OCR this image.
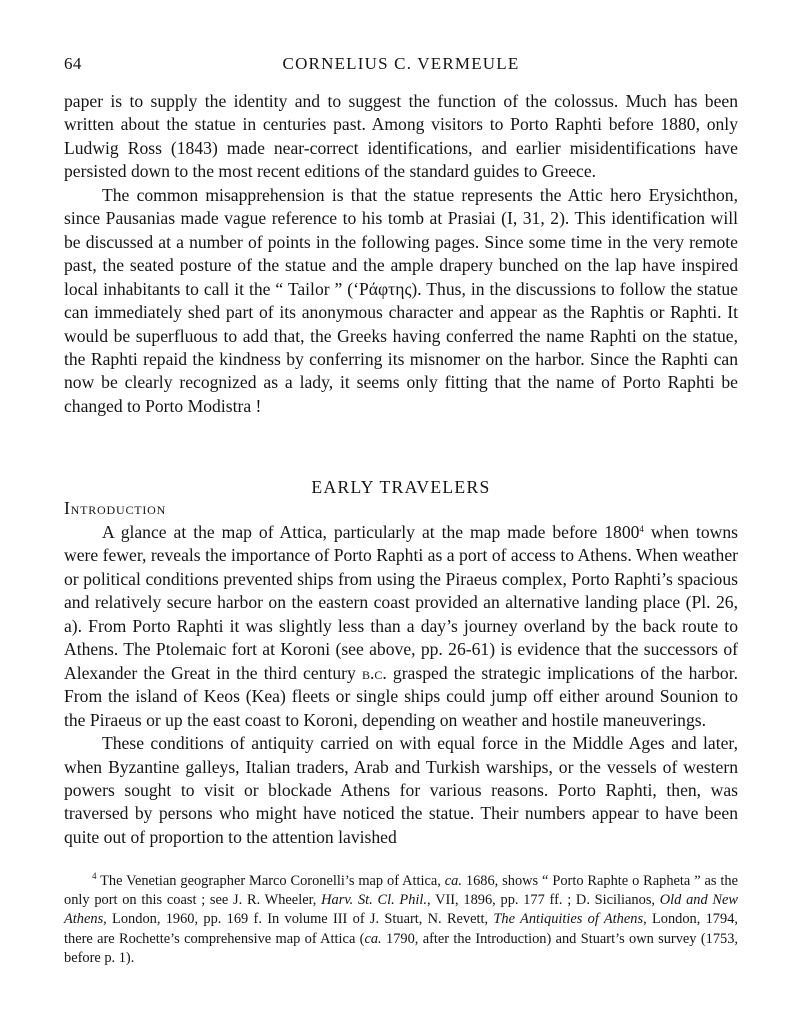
64	CORNELIUS C. VERMEULE

paper is to supply the identity and to suggest the function of the colossus. Much has been written about the statue in centuries past. Among visitors to Porto Raphti before 1880, only Ludwig Ross (1843) made near-correct identifications, and earlier misidentifications have persisted down to the most recent editions of the standard guides to Greece.

The common misapprehension is that the statue represents the Attic hero Erysichthon, since Pausanias made vague reference to his tomb at Prasiai (I, 31, 2). This identification will be discussed at a number of points in the following pages. Since some time in the very remote past, the seated posture of the statue and the ample drapery bunched on the lap have inspired local inhabitants to call it the “ Tailor ” (‘Ράφτης). Thus, in the discussions to follow the statue can immediately shed part of its anonymous character and appear as the Raphtis or Raphti. It would be superfluous to add that, the Greeks having conferred the name Raphti on the statue, the Raphti repaid the kindness by conferring its misnomer on the harbor. Since the Raphti can now be clearly recognized as a lady, it seems only fitting that the name of Porto Raphti be changed to Porto Modistra !

EARLY TRAVELERS
Introduction

A glance at the map of Attica, particularly at the map made before 1800$^4$ when towns were fewer, reveals the importance of Porto Raphti as a port of access to Athens. When weather or political conditions prevented ships from using the Piraeus complex, Porto Raphti’s spacious and relatively secure harbor on the eastern coast provided an alternative landing place (Pl. 26, a). From Porto Raphti it was slightly less than a day’s journey overland by the back route to Athens. The Ptolemaic fort at Koroni (see above, pp. 26-61) is evidence that the successors of Alexander the Great in the third century b.c. grasped the strategic implications of the harbor. From the island of Keos (Kea) fleets or single ships could jump off either around Sounion to the Piraeus or up the east coast to Koroni, depending on weather and hostile maneuverings.

These conditions of antiquity carried on with equal force in the Middle Ages and later, when Byzantine galleys, Italian traders, Arab and Turkish warships, or the vessels of western powers sought to visit or blockade Athens for various reasons. Porto Raphti, then, was traversed by persons who might have noticed the statue. Their numbers appear to have been quite out of proportion to the attention lavished

$^4$ The Venetian geographer Marco Coronelli’s map of Attica, ca. 1686, shows “ Porto Raphte o Rapheta ” as the only port on this coast ; see J. R. Wheeler, Harv. St. Cl. Phil., VII, 1896, pp. 177 ff. ; D. Sicilianos, Old and New Athens, London, 1960, pp. 169 f. In volume III of J. Stuart, N. Revett, The Antiquities of Athens, London, 1794, there are Rochette’s comprehensive map of Attica (ca. 1790, after the Introduction) and Stuart’s own survey (1753, before p. 1).
